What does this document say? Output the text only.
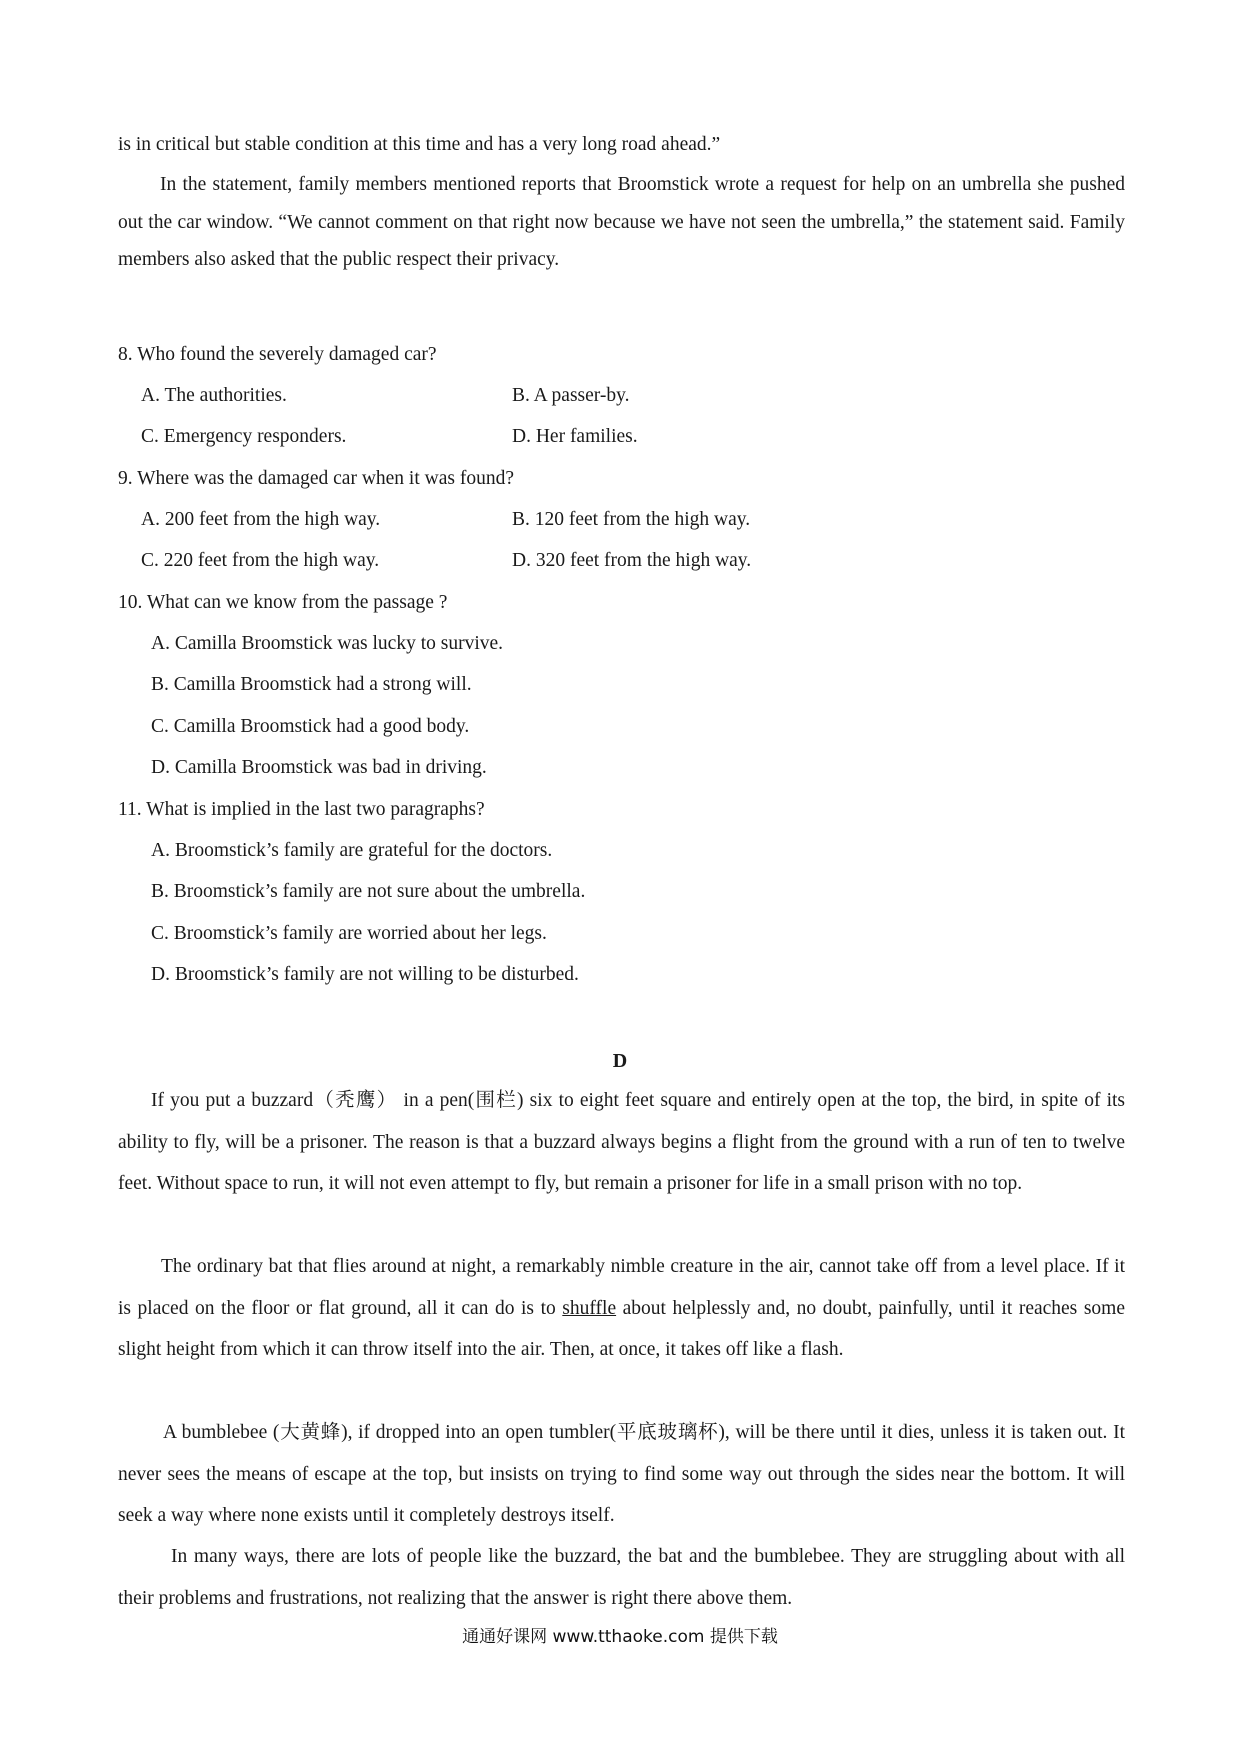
is in critical but stable condition at this time and has a very long road ahead.”

In the statement, family members mentioned reports that Broomstick wrote a request for help on an umbrella she pushed out the car window. “We cannot comment on that right now because we have not seen the umbrella,” the statement said. Family members also asked that the public respect their privacy.

8. Who found the severely damaged car?

A. The authorities.	B. A passer-by.

C. Emergency responders.	D. Her families.

9. Where was the damaged car when it was found?

A. 200 feet from the high way.	B. 120 feet from the high way.

C. 220 feet from the high way.	D. 320 feet from the high way.

10. What can we know from the passage ?

A. Camilla Broomstick was lucky to survive.

B. Camilla Broomstick had a strong will.

C. Camilla Broomstick had a good body.

D. Camilla Broomstick was bad in driving.

11. What is implied in the last two paragraphs?

A. Broomstick’s family are grateful for the doctors.

B. Broomstick’s family are not sure about the umbrella.

C. Broomstick’s family are worried about her legs.

D. Broomstick’s family are not willing to be disturbed.

D

If you put a buzzard（秃鹰） in a pen(围栏) six to eight feet square and entirely open at the top, the bird, in spite of its ability to fly, will be a prisoner. The reason is that a buzzard always begins a flight from the ground with a run of ten to twelve feet. Without space to run, it will not even attempt to fly, but remain a prisoner for life in a small prison with no top.

The ordinary bat that flies around at night, a remarkably nimble creature in the air, cannot take off from a level place. If it is placed on the floor or flat ground, all it can do is to shuffle about helplessly and, no doubt, painfully, until it reaches some slight height from which it can throw itself into the air. Then, at once, it takes off like a flash.

A bumblebee (大黄蜂), if dropped into an open tumbler(平底玻璃杯), will be there until it dies, unless it is taken out. It never sees the means of escape at the top, but insists on trying to find some way out through the sides near the bottom. It will seek a way where none exists until it completely destroys itself.

In many ways, there are lots of people like the buzzard, the bat and the bumblebee. They are struggling about with all their problems and frustrations, not realizing that the answer is right there above them.

通通好课网 www.tthaoke.com 提供下载
